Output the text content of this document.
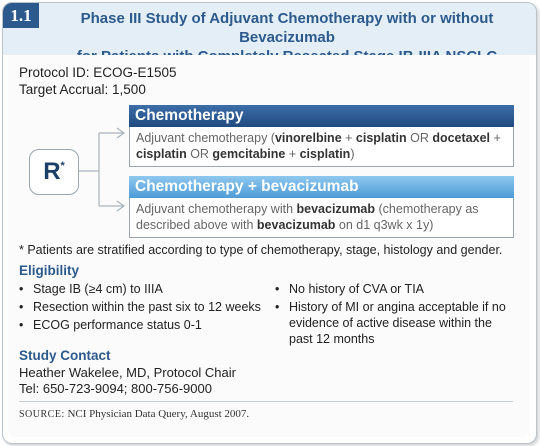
1.1	Phase III Study of Adjuvant Chemotherapy with or without Bevacizumab
Protocol ID: ECOG-E1505
Target Accrual: 1,500
R*
Chemotherapy
Adjuvant chemotherapy (vinorelbine + cisplatin OR docetaxel + cisplatin OR gemcitabine + cisplatin)
Chemotherapy + bevacizumab
Adjuvant chemotherapy with bevacizumab (chemotherapy as described above with bevacizumab on d1 q3wk x 1y)
* Patients are stratified according to type of chemotherapy, stage, histology and gender.
Eligibility
• Stage IB (≥4 cm) to IIIA
• Resection within the past six to 12 weeks
• ECOG performance status 0-1
• No history of CVA or TIA
• History of MI or angina acceptable if no evidence of active disease within the past 12 months
Study Contact
Heather Wakelee, MD, Protocol Chair
Tel: 650-723-9094; 800-756-9000
SOURCE: NCI Physician Data Query, August 2007.
